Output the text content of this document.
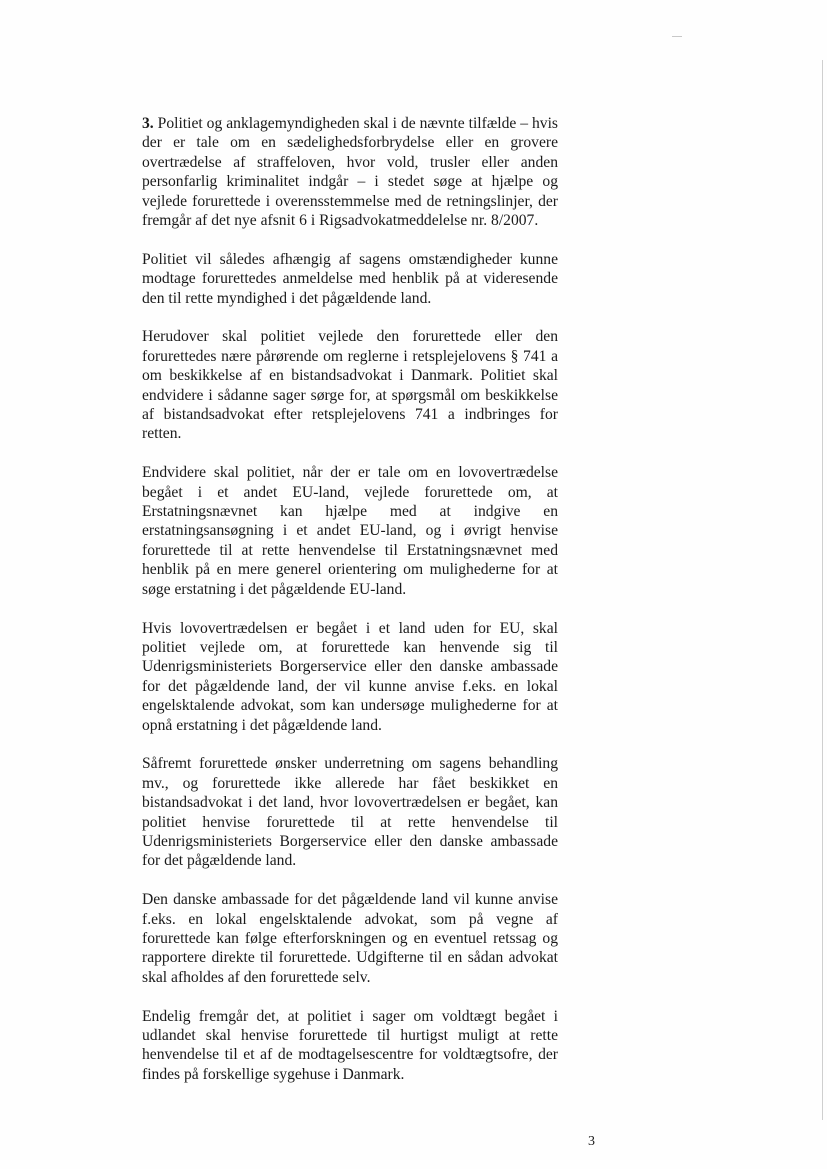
3. Politiet og anklagemyndigheden skal i de nævnte tilfælde – hvis der er tale om en sædelighedsforbrydelse eller en grovere overtrædelse af straffeloven, hvor vold, trusler eller anden personfarlig kriminalitet indgår – i stedet søge at hjælpe og vejlede forurettede i overensstemmelse med de retningslinjer, der fremgår af det nye afsnit 6 i Rigsadvokatmeddelelse nr. 8/2007.

Politiet vil således afhængig af sagens omstændigheder kunne modtage forurettedes anmeldelse med henblik på at videresende den til rette myndighed i det pågældende land.

Herudover skal politiet vejlede den forurettede eller den forurettedes nære pårørende om reglerne i retsplejelovens § 741 a om beskikkelse af en bistandsadvokat i Danmark. Politiet skal endvidere i sådanne sager sørge for, at spørgsmål om beskikkelse af bistandsadvokat efter retsplejelovens 741 a indbringes for retten.

Endvidere skal politiet, når der er tale om en lovovertrædelse begået i et andet EU-land, vejlede forurettede om, at Erstatningsnævnet kan hjælpe med at indgive en erstatningsansøgning i et andet EU-land, og i øvrigt henvise forurettede til at rette henvendelse til Erstatningsnævnet med henblik på en mere generel orientering om mulighederne for at søge erstatning i det pågældende EU-land.

Hvis lovovertrædelsen er begået i et land uden for EU, skal politiet vejlede om, at forurettede kan henvende sig til Udenrigsministeriets Borgerservice eller den danske ambassade for det pågældende land, der vil kunne anvise f.eks. en lokal engelsktalende advokat, som kan undersøge mulighederne for at opnå erstatning i det pågældende land.

Såfremt forurettede ønsker underretning om sagens behandling mv., og forurettede ikke allerede har fået beskikket en bistandsadvokat i det land, hvor lovovertrædelsen er begået, kan politiet henvise forurettede til at rette henvendelse til Udenrigsministeriets Borgerservice eller den danske ambassade for det pågældende land.

Den danske ambassade for det pågældende land vil kunne anvise f.eks. en lokal engelsktalende advokat, som på vegne af forurettede kan følge efterforskningen og en eventuel retssag og rapportere direkte til forurettede. Udgifterne til en sådan advokat skal afholdes af den forurettede selv.

Endelig fremgår det, at politiet i sager om voldtægt begået i udlandet skal henvise forurettede til hurtigst muligt at rette henvendelse til et af de modtagelsescentre for voldtægtsofre, der findes på forskellige sygehuse i Danmark.

3
